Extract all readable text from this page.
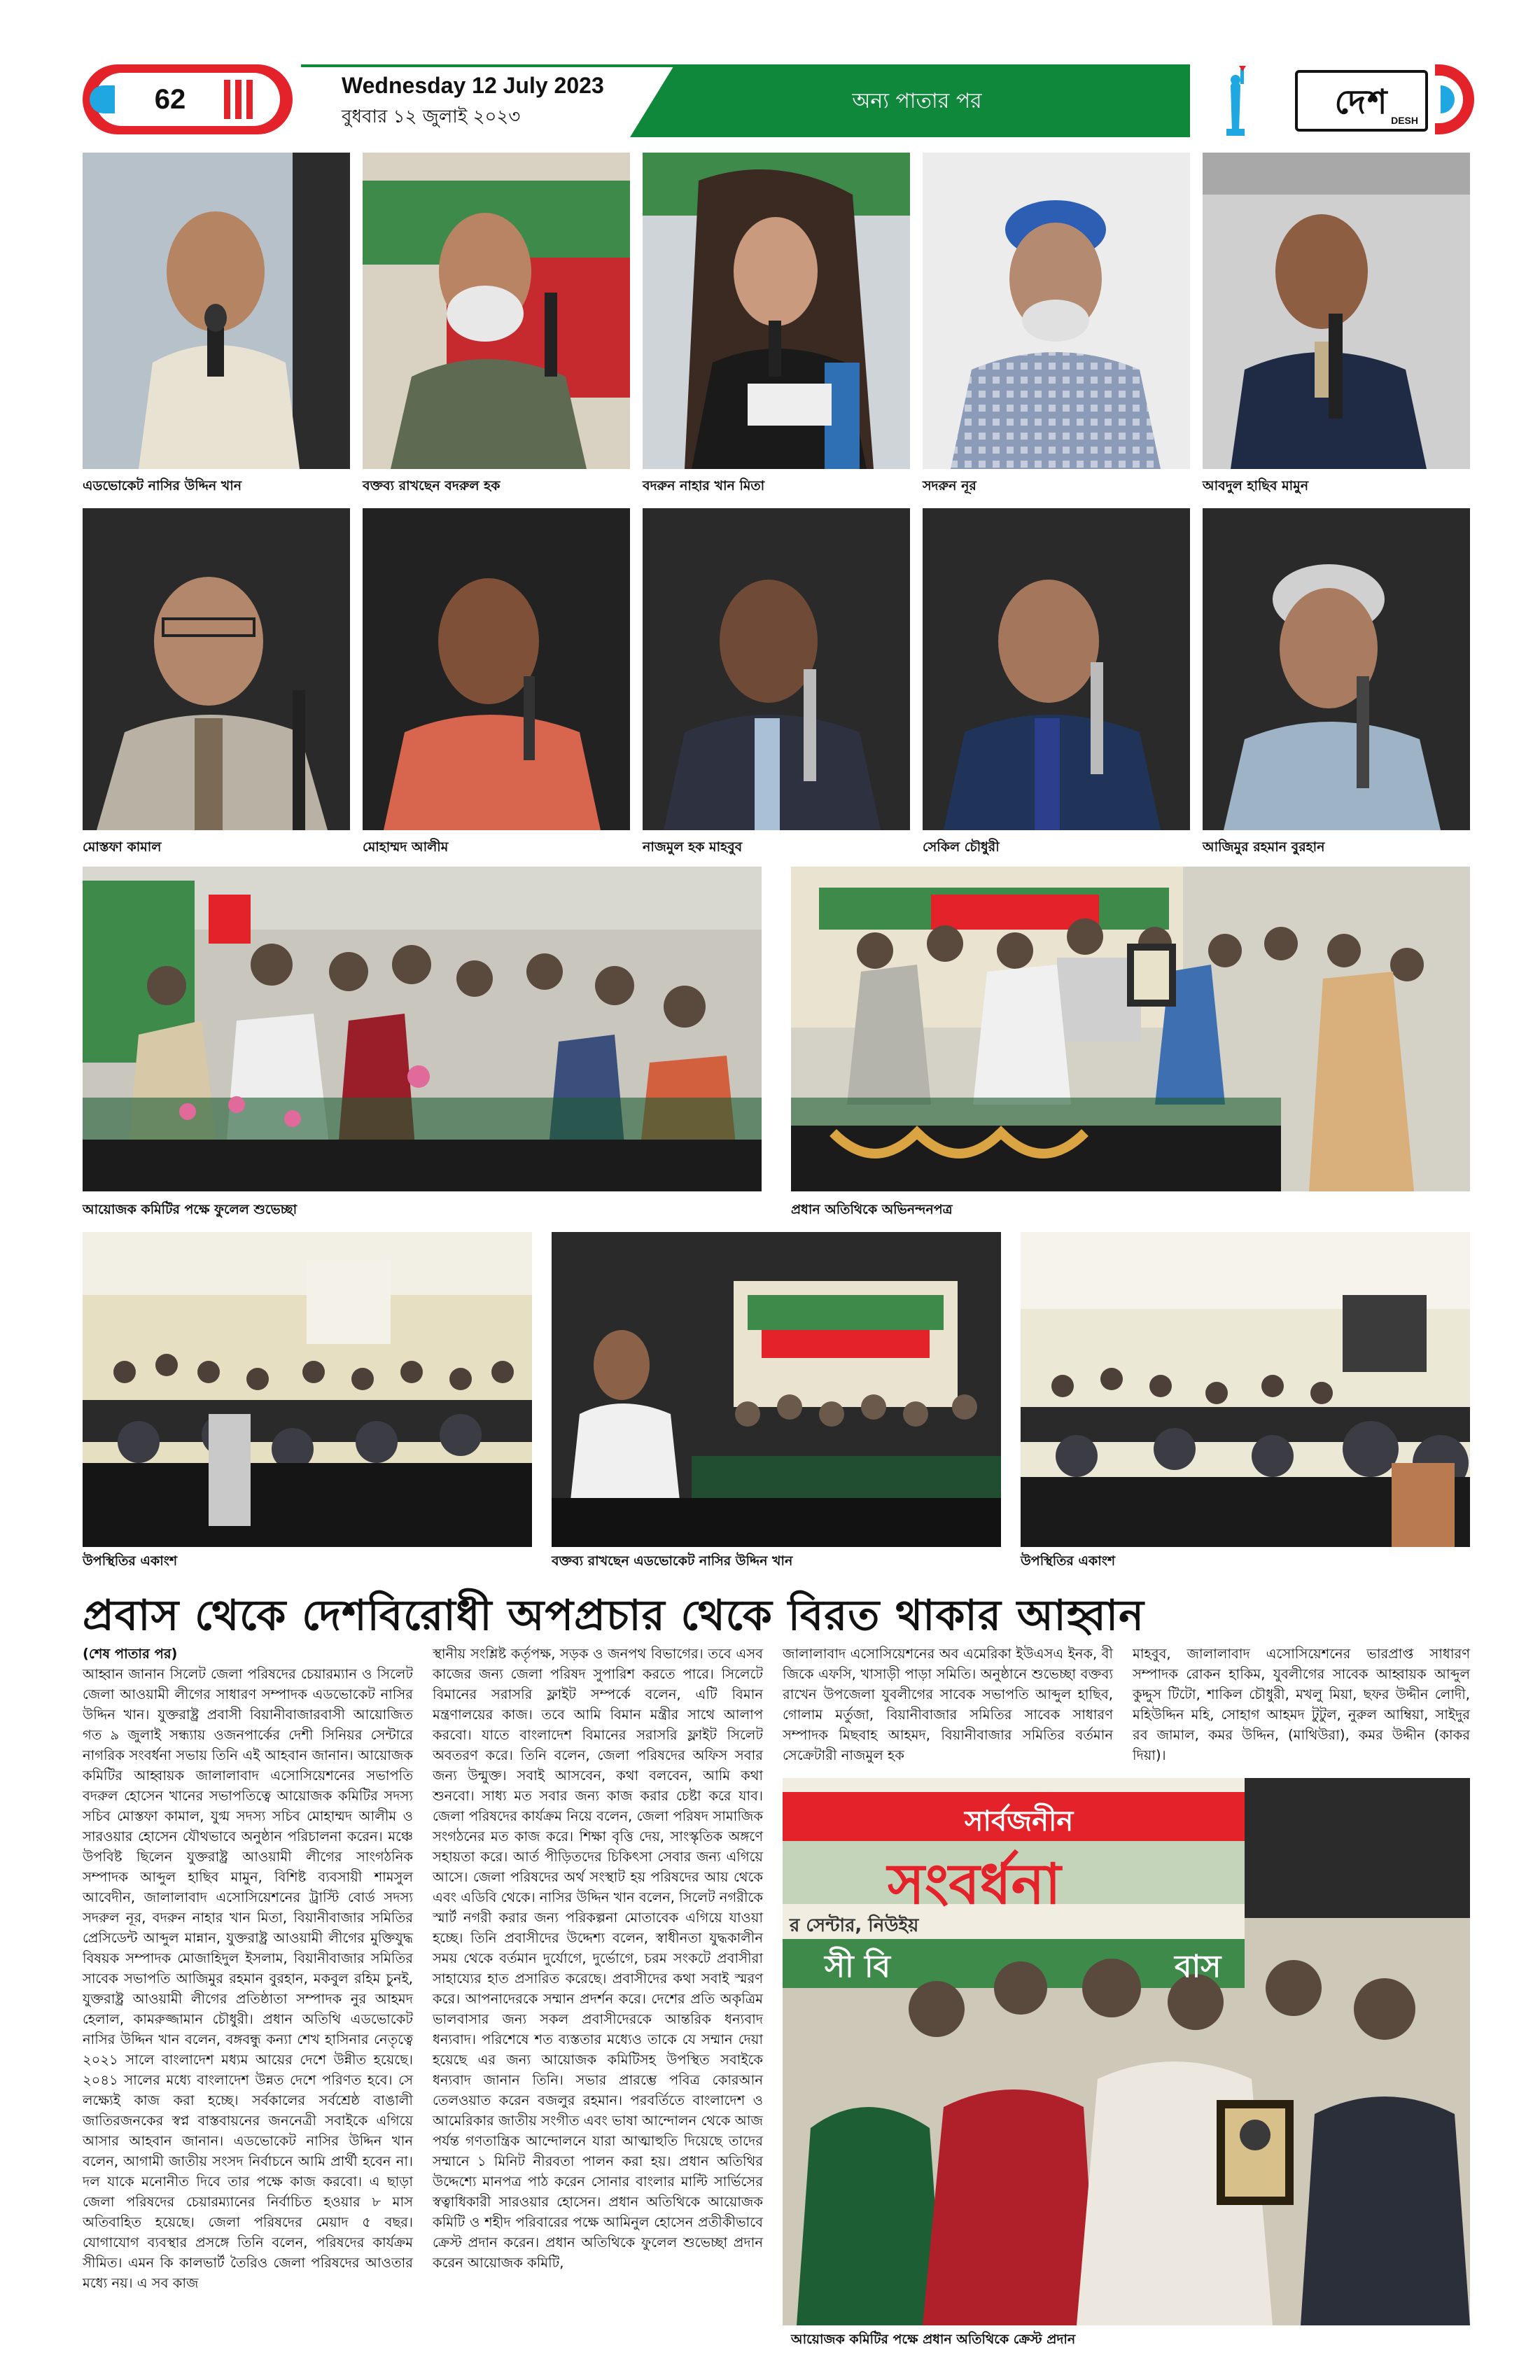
62	Wednesday 12 July 2023
বুধবার ১২ জুলাই ২০২৩
অন্য পাতার পর	দেশ DESH
এডভোকেট নাসির উদ্দিন খান	বক্তব্য রাখছেন বদরুল হক	বদরুন নাহার খান মিতা	সদরুন নূর	আবদুল হাছিব মামুন
মোস্তফা কামাল	মোহাম্মদ আলীম	নাজমুল হক মাহবুব	সেকিল চৌধুরী	আজিমুর রহমান বুরহান
আয়োজক কমিটির পক্ষে ফুলেল শুভেচ্ছা	প্রধান অতিথিকে অভিনন্দনপত্র
উপস্থিতির একাংশ	বক্তব্য রাখছেন এডভোকেট নাসির উদ্দিন খান	উপস্থিতির একাংশ
প্রবাস থেকে দেশবিরোধী অপপ্রচার থেকে বিরত থাকার আহ্বান

(শেষ পাতার পর)

আহ্বান জানান সিলেট জেলা পরিষদের চেয়ারম্যান ও সিলেট জেলা আওয়ামী লীগের সাধারণ সম্পাদক এডভোকেট নাসির উদ্দিন খান। যুক্তরাষ্ট্র প্রবাসী বিয়ানীবাজারবাসী আয়োজিত গত ৯ জুলাই সন্ধ্যায় ওজনপার্কের দেশী সিনিয়র সেন্টারে নাগরিক সংবর্ধনা সভায় তিনি এই আহবান জানান। আয়োজক কমিটির আহ্বায়ক জালালাবাদ এসোসিয়েশনের সভাপতি বদরুল হোসেন খানের সভাপতিত্বে আয়োজক কমিটির সদস্য সচিব মোস্তফা কামাল, যুগ্ম সদস্য সচিব মোহাম্মদ আলীম ও সারওয়ার হোসেন যৌথভাবে অনুষ্ঠান পরিচালনা করেন। মঞ্চে উপবিষ্ট ছিলেন যুক্তরাষ্ট্র আওয়ামী লীগের সাংগঠনিক সম্পাদক আব্দুল হাছিব মামুন, বিশিষ্ট ব্যবসায়ী শামসুল আবেদীন, জালালাবাদ এসোসিয়েশনের ট্রাস্টি বোর্ড সদস্য সদরুল নূর, বদরুন নাহার খান মিতা, বিয়ানীবাজার সমিতির প্রেসিডেন্ট আব্দুল মান্নান, যুক্তরাষ্ট্র আওয়ামী লীগের মুক্তিযুদ্ধ বিষয়ক সম্পাদক মোজাহিদুল ইসলাম, বিয়ানীবাজার সমিতির সাবেক সভাপতি আজিমুর রহমান বুরহান, মকবুল রহিম চুনই, যুক্তরাষ্ট্র আওয়ামী লীগের প্রতিষ্ঠাতা সম্পাদক নুর আহমদ হেলাল, কামরুজ্জামান চৌধুরী। প্রধান অতিথি এডভোকেট নাসির উদ্দিন খান বলেন, বঙ্গবন্ধু কন্যা শেখ হাসিনার নেতৃত্বে ২০২১ সালে বাংলাদেশ মধ্যম আয়ের দেশে উন্নীত হয়েছে। ২০৪১ সালের মধ্যে বাংলাদেশ উন্নত দেশে পরিণত হবে। সে লক্ষ্যেই কাজ করা হচ্ছে। সর্বকালের সর্বশ্রেষ্ঠ বাঙালী জাতিরজনকের স্বপ্ন বাস্তবায়নের জননেত্রী সবাইকে এগিয়ে আসার আহবান জানান। এডভোকেট নাসির উদ্দিন খান বলেন, আগামী জাতীয় সংসদ নির্বাচনে আমি প্রার্থী হবেন না। দল যাকে মনোনীত দিবে তার পক্ষে কাজ করবো। এ ছাড়া জেলা পরিষদের চেয়ারম্যানের নির্বাচিত হওয়ার ৮ মাস অতিবাহিত হয়েছে। জেলা পরিষদের মেয়াদ ৫ বছর। যোগাযোগ ব্যবস্থার প্রসঙ্গে তিনি বলেন, পরিষদের কার্যক্রম সীমিত। এমন কি কালভার্ট তৈরিও জেলা পরিষদের আওতার মধ্যে নয়। এ সব কাজ

স্থানীয় সংশ্লিষ্ট কর্তৃপক্ষ, সড়ক ও জনপথ বিভাগের। তবে এসব কাজের জন্য জেলা পরিষদ সুপারিশ করতে পারে। সিলেটে বিমানের সরাসরি ফ্লাইট সম্পর্কে বলেন, এটি বিমান মন্ত্রণালয়ের কাজ। তবে আমি বিমান মন্ত্রীর সাথে আলাপ করবো। যাতে বাংলাদেশ বিমানের সরাসরি ফ্লাইট সিলেট অবতরণ করে। তিনি বলেন, জেলা পরিষদের অফিস সবার জন্য উন্মুক্ত। সবাই আসবেন, কথা বলবেন, আমি কথা শুনবো। সাধ্য মত সবার জন্য কাজ করার চেষ্টা করে যাব। জেলা পরিষদের কার্যক্রম নিয়ে বলেন, জেলা পরিষদ সামাজিক সংগঠনের মত কাজ করে। শিক্ষা বৃত্তি দেয়, সাংস্কৃতিক অঙ্গণে সহায়তা করে। আর্ত পীড়িতদের চিকিৎসা সেবার জন্য এগিয়ে আসে। জেলা পরিষদের অর্থ সংস্থাট হয় পরিষদের আয় থেকে এবং এডিবি থেকে। নাসির উদ্দিন খান বলেন, সিলেট নগরীকে স্মার্ট নগরী করার জন্য পরিকল্পনা মোতাবেক এগিয়ে যাওয়া হচ্ছে। তিনি প্রবাসীদের উদ্দেশ্য বলেন, স্বাধীনতা যুদ্ধকালীন সময় থেকে বর্তমান দুর্যোগে, দুর্ভোগে, চরম সংকটে প্রবাসীরা সাহায্যের হাত প্রসারিত করেছে। প্রবাসীদের কথা সবাই স্মরণ করে। আপনাদেরকে সম্মান প্রদর্শন করে। দেশের প্রতি অকৃত্রিম ভালবাসার জন্য সকল প্রবাসীদেরকে আন্তরিক ধন্যবাদ ধন্যবাদ। পরিশেষে শত ব্যস্ততার মধ্যেও তাকে যে সম্মান দেয়া হয়েছে এর জন্য আয়োজক কমিটিসহ উপস্থিত সবাইকে ধন্যবাদ জানান তিনি। সভার প্রারম্ভে পবিত্র কোরআন তেলওয়াত করেন বজলুর রহমান। পরবর্তিতে বাংলাদেশ ও আমেরিকার জাতীয় সংগীত এবং ভাষা আন্দোলন থেকে আজ পর্যন্ত গণতান্ত্রিক আন্দোলনে যারা আত্মাহুতি দিয়েছে তাদের সম্মানে ১ মিনিট নীরবতা পালন করা হয়। প্রধান অতিথির উদ্দেশ্যে মানপত্র পাঠ করেন সোনার বাংলার মাল্টি সার্ভিসের স্বত্বাধিকারী সারওয়ার হোসেন। প্রধান অতিথিকে আয়োজক কমিটি ও শহীদ পরিবারের পক্ষে আমিনুল হোসেন প্রতীকীভাবে ক্রেস্ট প্রদান করেন। প্রধান অতিথিকে ফুলেল শুভেচ্ছা প্রদান করেন আয়োজক কমিটি,

জালালাবাদ এসোসিয়েশনের অব এমেরিকা ইউএসএ ইনক, বী জিকে এফসি, খাসাড়ী পাড়া সমিতি। অনুষ্ঠানে শুভেচ্ছা বক্তব্য রাখেন উপজেলা যুবলীগের সাবেক সভাপতি আব্দুল হাছিব, গোলাম মর্তুজা, বিয়ানীবাজার সমিতির সাবেক সাধারণ সম্পাদক মিছবাহ আহমদ, বিয়ানীবাজার সমিতির বর্তমান সেক্রেটারী নাজমুল হক

মাহবুব, জালালাবাদ এসোসিয়েশনের ভারপ্রাপ্ত সাধারণ সম্পাদক রোকন হাকিম, যুবলীগের সাবেক আহ্বায়ক আব্দুল কুদ্দুস টিটো, শাকিল চৌধুরী, মখলু মিয়া, ছফর উদ্দীন লোদী, মহিউদ্দিন মহি, সোহাগ আহমদ টুটুল, নুরুল আম্বিয়া, সাইদুর রব জামাল, কমর উদ্দিন, (মাথিউরা), কমর উদ্দীন (কাকর দিয়া)।

সার্বজনীন
সংবর্ধনা
র সেন্টার, নিউইয়
সী বি	বাস
আয়োজক কমিটির পক্ষে প্রধান অতিথিকে ক্রেস্ট প্রদান
